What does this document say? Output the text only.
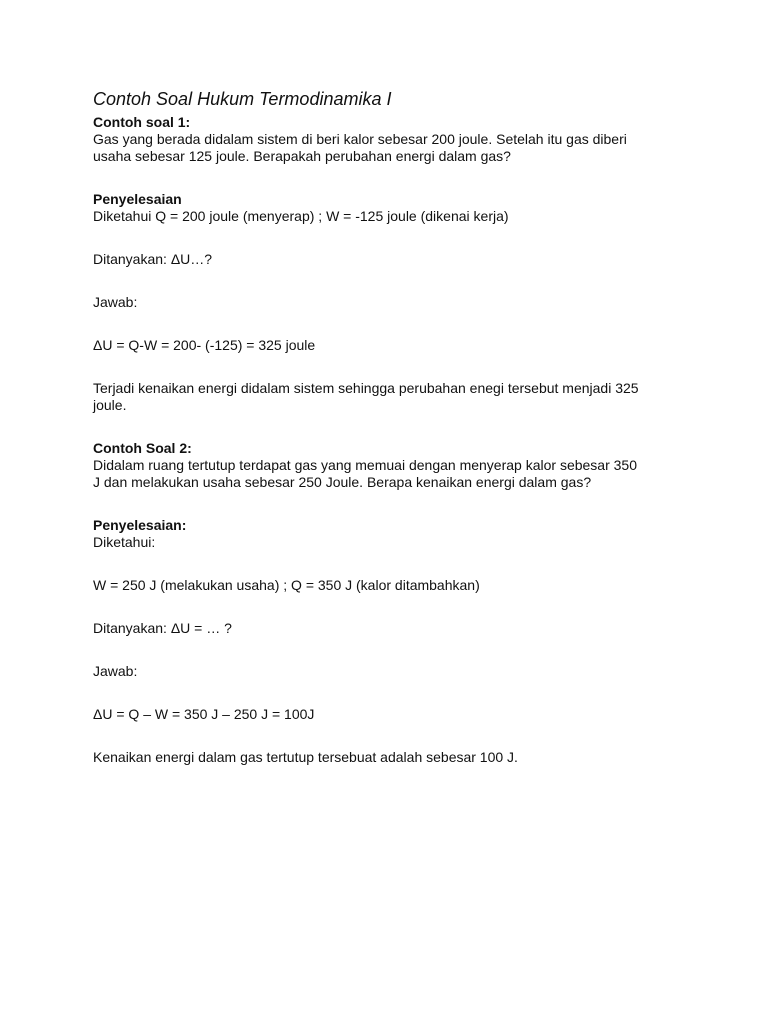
Contoh Soal Hukum Termodinamika I
Contoh soal 1:
Gas yang berada didalam sistem di beri kalor sebesar 200 joule. Setelah itu gas diberi
usaha sebesar 125 joule. Berapakah perubahan energi dalam gas?
Penyelesaian
Diketahui Q = 200 joule (menyerap) ; W = -125 joule (dikenai kerja)
Ditanyakan: ΔU…?
Jawab:
ΔU = Q-W = 200- (-125) = 325 joule
Terjadi kenaikan energi didalam sistem sehingga perubahan enegi tersebut menjadi 325
joule.
Contoh Soal 2:
Didalam ruang tertutup terdapat gas yang memuai dengan menyerap kalor sebesar 350
J dan melakukan usaha sebesar 250 Joule. Berapa kenaikan energi dalam gas?
Penyelesaian:
Diketahui:
W = 250 J (melakukan usaha) ; Q = 350 J (kalor ditambahkan)
Ditanyakan: ΔU = … ?
Jawab:
ΔU = Q – W = 350 J – 250 J = 100J
Kenaikan energi dalam gas tertutup tersebuat adalah sebesar 100 J.
